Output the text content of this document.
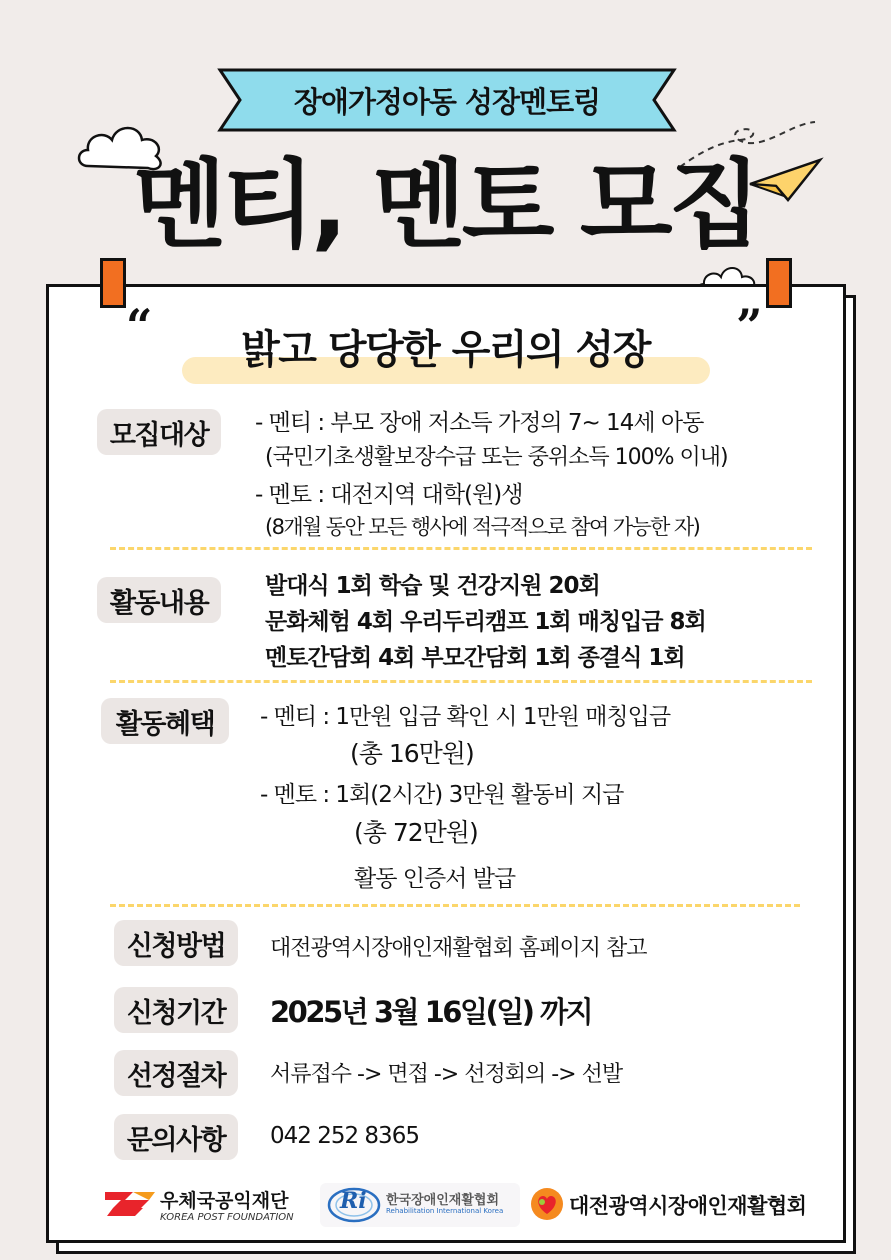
장애가정아동 성장멘토링
멘티, 멘토 모집
“	”
밝고 당당한 우리의 성장
모집대상	- 멘티 : 부모 장애 저소득 가정의 7~ 14세 아동
(국민기초생활보장수급 또는 중위소득 100% 이내)
- 멘토 : 대전지역 대학(원)생
(8개월 동안 모든 행사에 적극적으로 참여 가능한 자)
활동내용
발대식 1회 학습 및 건강지원 20회
문화체험 4회 우리두리캠프 1회 매칭입금 8회
멘토간담회 4회 부모간담회 1회 종결식 1회
활동혜택	- 멘티 : 1만원 입금 확인 시 1만원 매칭입금
(총 16만원)
- 멘토 : 1회(2시간) 3만원 활동비 지급
(총 72만원)
활동 인증서 발급
신청방법	대전광역시장애인재활협회 홈페이지 참고
신청기간	2025년 3월 16일(일) 까지
선정절차	서류접수 -> 면접 -> 선정회의 -> 선발
문의사항	042 252 8365
우체국공익재단
KOREA POST FOUNDATION
Ri 한국장애인재활협회
Rehabilitation International Korea	대전광역시장애인재활협회
